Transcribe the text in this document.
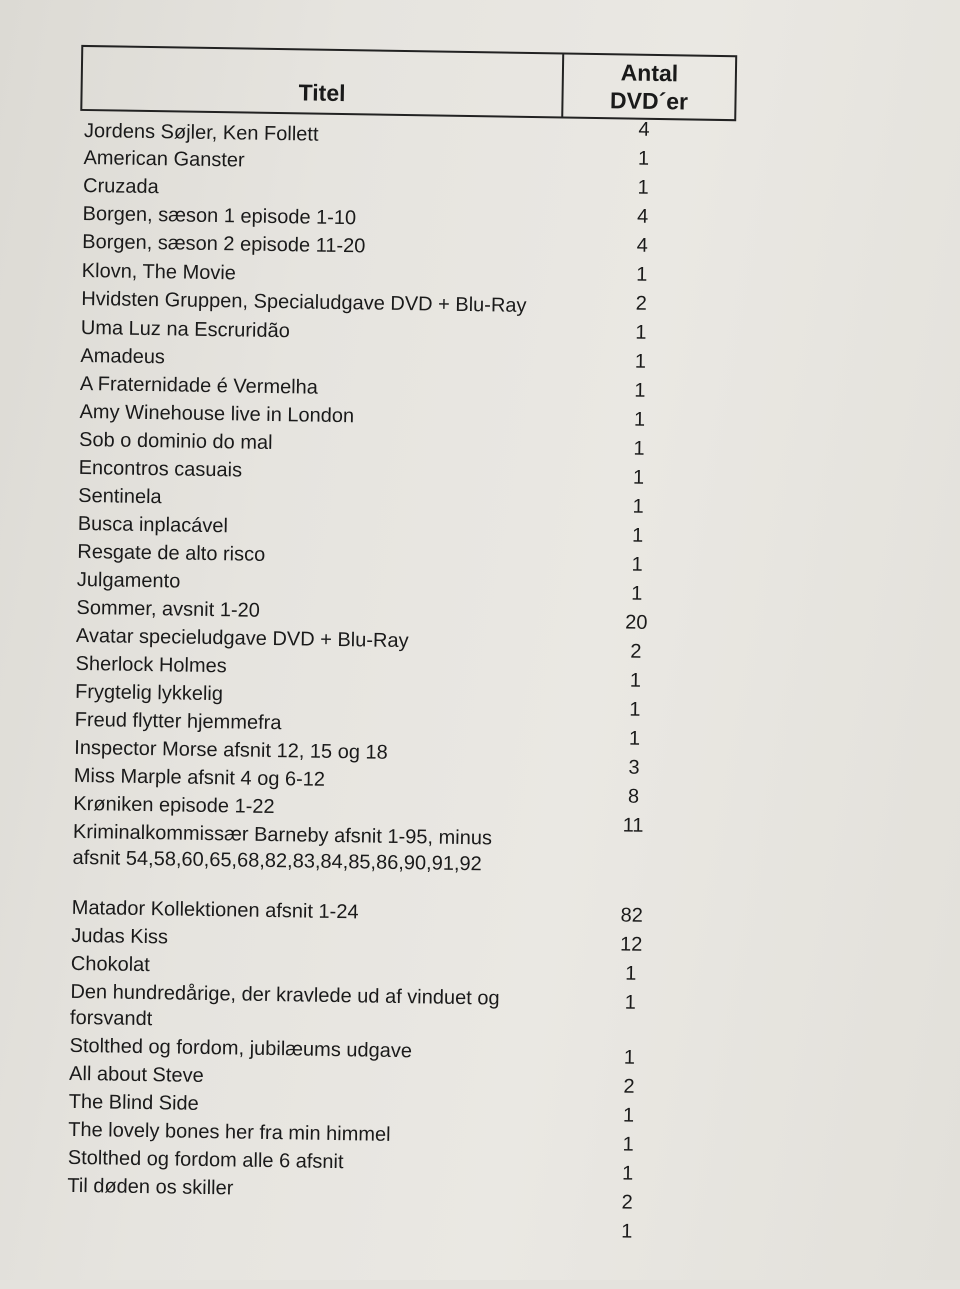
Titel
Antal
DVD´er
Jordens Søjler, Ken Follett
American Ganster
Cruzada
Borgen, sæson 1 episode 1-10
Borgen, sæson 2 episode 11-20
Klovn, The Movie
Hvidsten Gruppen, Specialudgave DVD + Blu-Ray
Uma Luz na Escruridão
Amadeus
A Fraternidade é Vermelha
Amy Winehouse live in London
Sob o dominio do mal
Encontros casuais
Sentinela
Busca inplacável
Resgate de alto risco
Julgamento
Sommer, avsnit 1-20
Avatar specieludgave DVD + Blu-Ray
Sherlock Holmes
Frygtelig lykkelig
Freud flytter hjemmefra
Inspector Morse afsnit 12, 15 og 18
Miss Marple afsnit 4 og 6-12
Krøniken episode 1-22
Kriminalkommissær Barneby afsnit 1-95, minus
afsnit 54,58,60,65,68,82,83,84,85,86,90,91,92
Matador Kollektionen afsnit 1-24
Judas Kiss
Chokolat
Den hundredårige, der kravlede ud af vinduet og
forsvandt
Stolthed og fordom, jubilæums udgave
All about Steve
The Blind Side
The lovely bones her fra min himmel
Stolthed og fordom alle 6 afsnit
Til døden os skiller
4
1
1
4
4
1
2
1
1
1
1
1
1
1
1
1
1
20
2
1
1
1
3
8
11
82
12
1
1
1
2
1
1
1
2
1
